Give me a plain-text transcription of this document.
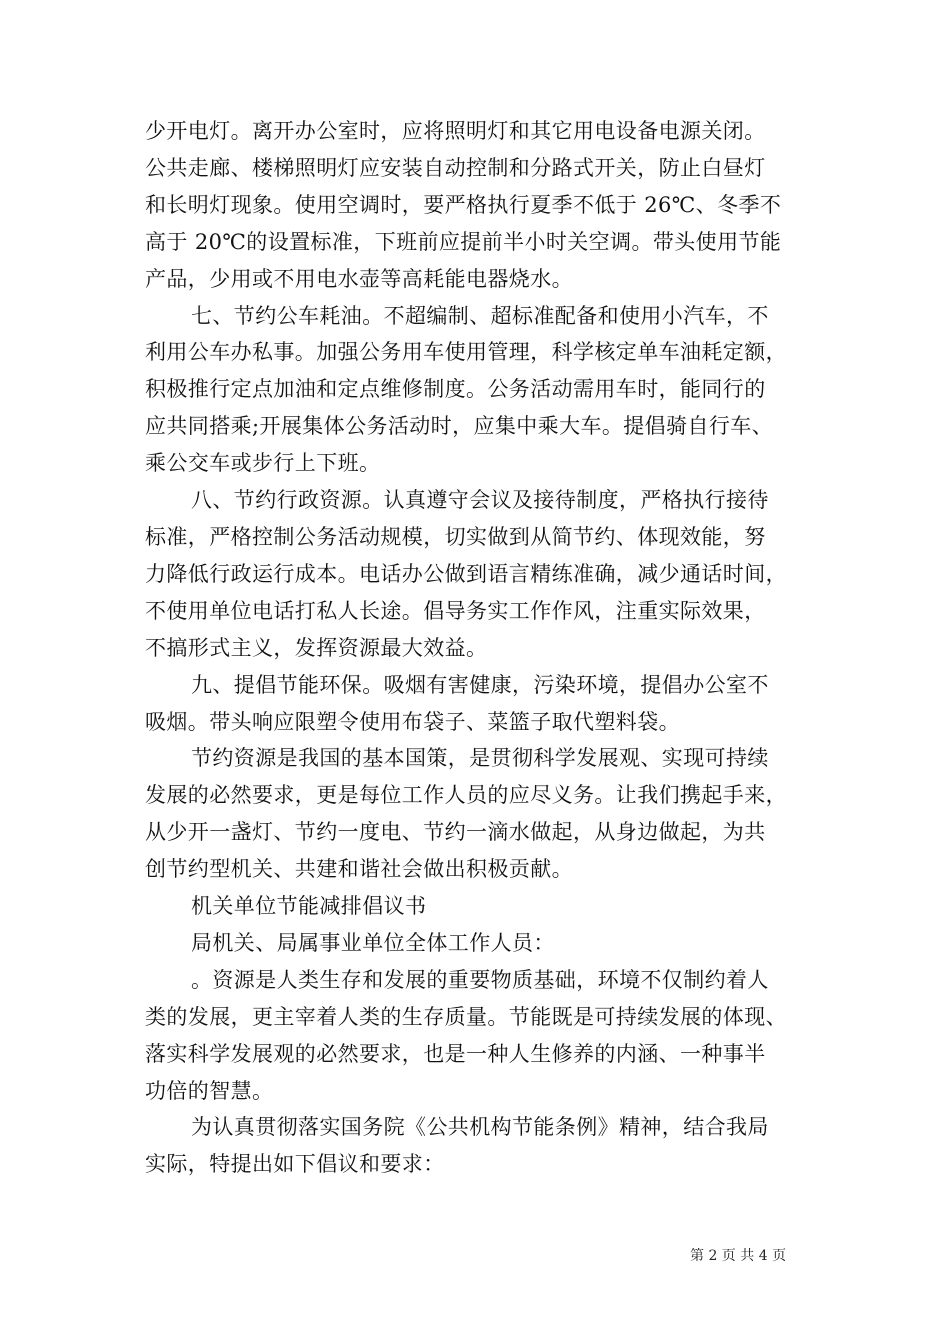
少开电灯。离开办公室时，应将照明灯和其它用电设备电源关闭。
公共走廊、楼梯照明灯应安装自动控制和分路式开关，防止白昼灯
和长明灯现象。使用空调时，要严格执行夏季不低于 26℃、冬季不
高于 20℃的设置标准，下班前应提前半小时关空调。带头使用节能
产品，少用或不用电水壶等高耗能电器烧水。

七、节约公车耗油。不超编制、超标准配备和使用小汽车，不
利用公车办私事。加强公务用车使用管理，科学核定单车油耗定额，
积极推行定点加油和定点维修制度。公务活动需用车时，能同行的
应共同搭乘;开展集体公务活动时，应集中乘大车。提倡骑自行车、
乘公交车或步行上下班。

八、节约行政资源。认真遵守会议及接待制度，严格执行接待
标准，严格控制公务活动规模，切实做到从简节约、体现效能，努
力降低行政运行成本。电话办公做到语言精练准确，减少通话时间，
不使用单位电话打私人长途。倡导务实工作作风，注重实际效果，
不搞形式主义，发挥资源最大效益。

九、提倡节能环保。吸烟有害健康，污染环境，提倡办公室不
吸烟。带头响应限塑令使用布袋子、菜篮子取代塑料袋。

节约资源是我国的基本国策，是贯彻科学发展观、实现可持续
发展的必然要求，更是每位工作人员的应尽义务。让我们携起手来，
从少开一盏灯、节约一度电、节约一滴水做起，从身边做起，为共
创节约型机关、共建和谐社会做出积极贡献。

机关单位节能减排倡议书

局机关、局属事业单位全体工作人员：

。资源是人类生存和发展的重要物质基础，环境不仅制约着人
类的发展，更主宰着人类的生存质量。节能既是可持续发展的体现、
落实科学发展观的必然要求，也是一种人生修养的内涵、一种事半
功倍的智慧。

为认真贯彻落实国务院《公共机构节能条例》精神，结合我局
实际，特提出如下倡议和要求：

第 2 页 共 4 页
